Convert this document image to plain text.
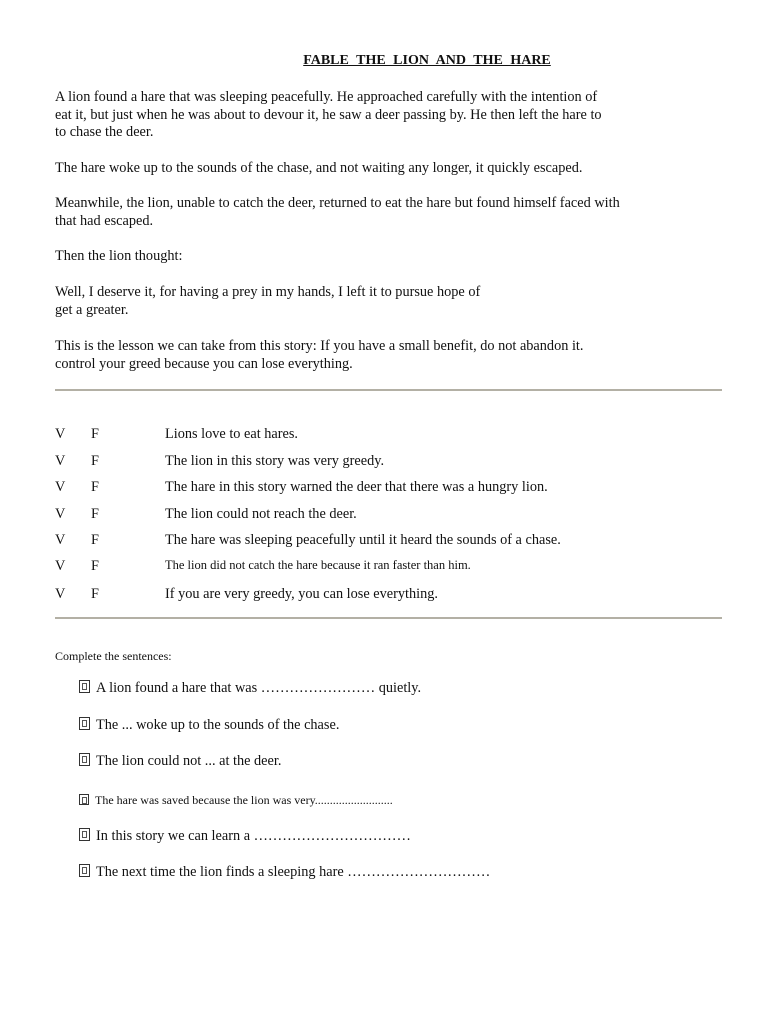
FABLE THE LION AND THE HARE

A lion found a hare that was sleeping peacefully. He approached carefully with the intention of
eat it, but just when he was about to devour it, he saw a deer passing by. He then left the hare to
to chase the deer.

The hare woke up to the sounds of the chase, and not waiting any longer, it quickly escaped.

Meanwhile, the lion, unable to catch the deer, returned to eat the hare but found himself faced with
that had escaped.

Then the lion thought:

Well, I deserve it, for having a prey in my hands, I left it to pursue hope of
get a greater.

This is the lesson we can take from this story: If you have a small benefit, do not abandon it.
control your greed because you can lose everything.

V F	Lions love to eat hares.
V F	The lion in this story was very greedy.
V F	The hare in this story warned the deer that there was a hungry lion.
V F	The lion could not reach the deer.
V F	The hare was sleeping peacefully until it heard the sounds of a chase.
V F	The lion did not catch the hare because it ran faster than him.
V F	If you are very greedy, you can lose everything.
Complete the sentences:
A lion found a hare that was …………………… quietly.
The ... woke up to the sounds of the chase.
The lion could not ... at the deer.
The hare was saved because the lion was very..........................
In this story we can learn a ……………………………
The next time the lion finds a sleeping hare …………………………
